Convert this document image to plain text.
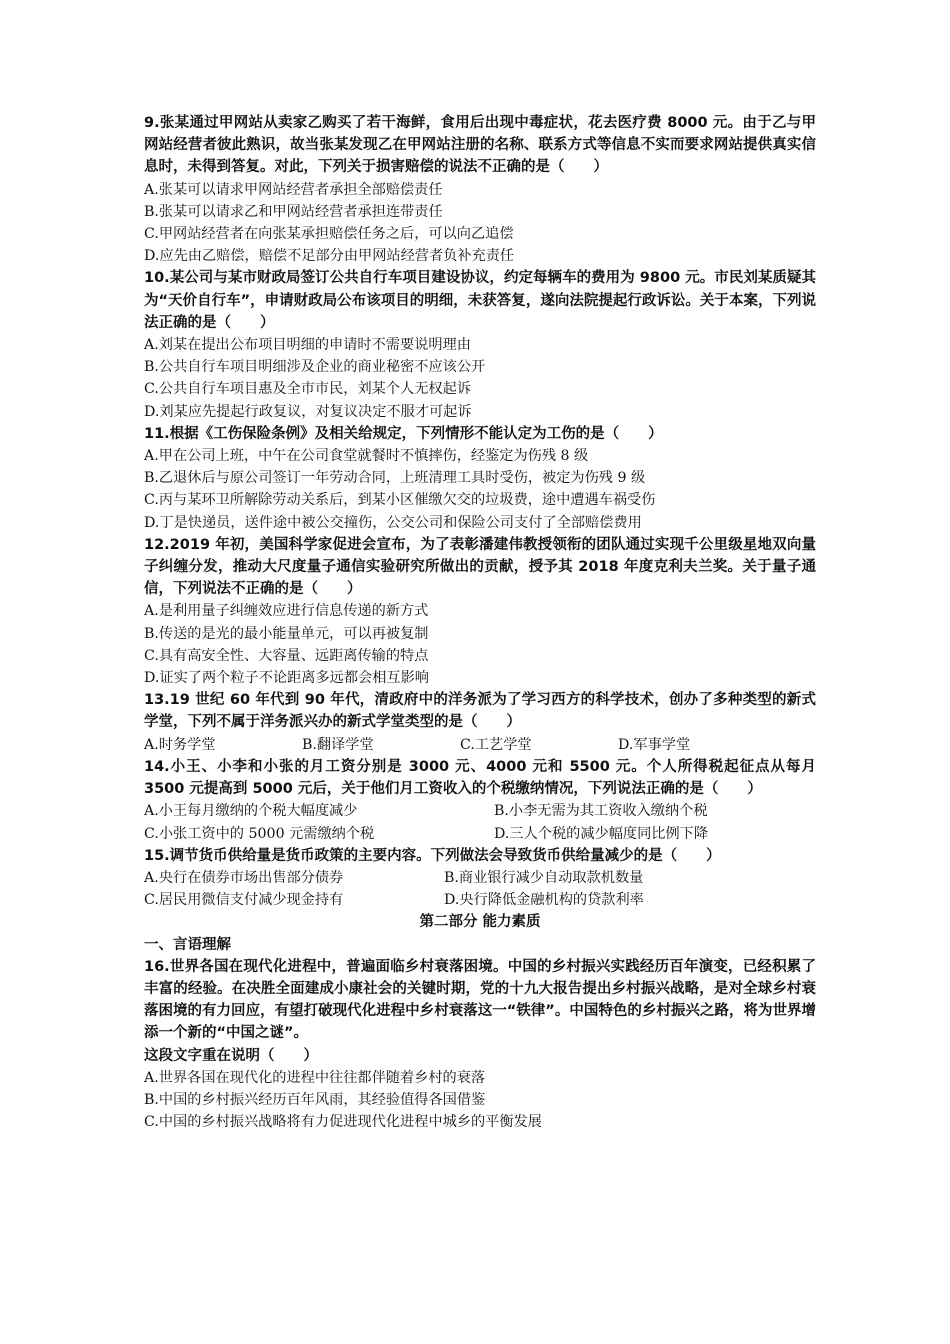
9.张某通过甲网站从卖家乙购买了若干海鲜，食用后出现中毒症状，花去医疗费 8000 元。由于乙与甲网站经营者彼此熟识，故当张某发现乙在甲网站注册的名称、联系方式等信息不实而要求网站提供真实信息时，未得到答复。对此，下列关于损害赔偿的说法不正确的是（　　）

A.张某可以请求甲网站经营者承担全部赔偿责任

B.张某可以请求乙和甲网站经营者承担连带责任

C.甲网站经营者在向张某承担赔偿任务之后，可以向乙追偿

D.应先由乙赔偿，赔偿不足部分由甲网站经营者负补充责任

10.某公司与某市财政局签订公共自行车项目建设协议，约定每辆车的费用为 9800 元。市民刘某质疑其为“天价自行车”，申请财政局公布该项目的明细，未获答复，遂向法院提起行政诉讼。关于本案，下列说法正确的是（　　）

A.刘某在提出公布项目明细的申请时不需要说明理由

B.公共自行车项目明细涉及企业的商业秘密不应该公开

C.公共自行车项目惠及全市市民，刘某个人无权起诉

D.刘某应先提起行政复议，对复议决定不服才可起诉

11.根据《工伤保险条例》及相关给规定，下列情形不能认定为工伤的是（　　）

A.甲在公司上班，中午在公司食堂就餐时不慎摔伤，经鉴定为伤残 8 级

B.乙退休后与原公司签订一年劳动合同，上班清理工具时受伤，被定为伤残 9 级

C.丙与某环卫所解除劳动关系后，到某小区催缴欠交的垃圾费，途中遭遇车祸受伤

D.丁是快递员，送件途中被公交撞伤，公交公司和保险公司支付了全部赔偿费用

12.2019 年初，美国科学家促进会宣布，为了表彰潘建伟教授领衔的团队通过实现千公里级星地双向量子纠缠分发，推动大尺度量子通信实验研究所做出的贡献，授予其 2018 年度克利夫兰奖。关于量子通信，下列说法不正确的是（　　）

A.是利用量子纠缠效应进行信息传递的新方式

B.传送的是光的最小能量单元，可以再被复制

C.具有高安全性、大容量、远距离传输的特点

D.证实了两个粒子不论距离多远都会相互影响

13.19 世纪 60 年代到 90 年代，清政府中的洋务派为了学习西方的科学技术，创办了多种类型的新式学堂，下列不属于洋务派兴办的新式学堂类型的是（　　）

A.时务学堂	B.翻译学堂	C.工艺学堂	D.军事学堂

14.小王、小李和小张的月工资分别是 3000 元、4000 元和 5500 元。个人所得税起征点从每月 3500 元提高到 5000 元后，关于他们月工资收入的个税缴纳情况，下列说法正确的是（　　）

A.小王每月缴纳的个税大幅度减少	B.小李无需为其工资收入缴纳个税
C.小张工资中的 5000 元需缴纳个税	D.三人个税的减少幅度同比例下降

15.调节货币供给量是货币政策的主要内容。下列做法会导致货币供给量减少的是（　　）

A.央行在债券市场出售部分债券	B.商业银行减少自动取款机数量
C.居民用微信支付减少现金持有	D.央行降低金融机构的贷款利率

第二部分 能力素质

一、言语理解

16.世界各国在现代化进程中，普遍面临乡村衰落困境。中国的乡村振兴实践经历百年演变，已经积累了丰富的经验。在决胜全面建成小康社会的关键时期，党的十九大报告提出乡村振兴战略，是对全球乡村衰落困境的有力回应，有望打破现代化进程中乡村衰落这一“铁律”。中国特色的乡村振兴之路，将为世界增添一个新的“中国之谜”。

这段文字重在说明（　　）

A.世界各国在现代化的进程中往往都伴随着乡村的衰落

B.中国的乡村振兴经历百年风雨，其经验值得各国借鉴

C.中国的乡村振兴战略将有力促进现代化进程中城乡的平衡发展
